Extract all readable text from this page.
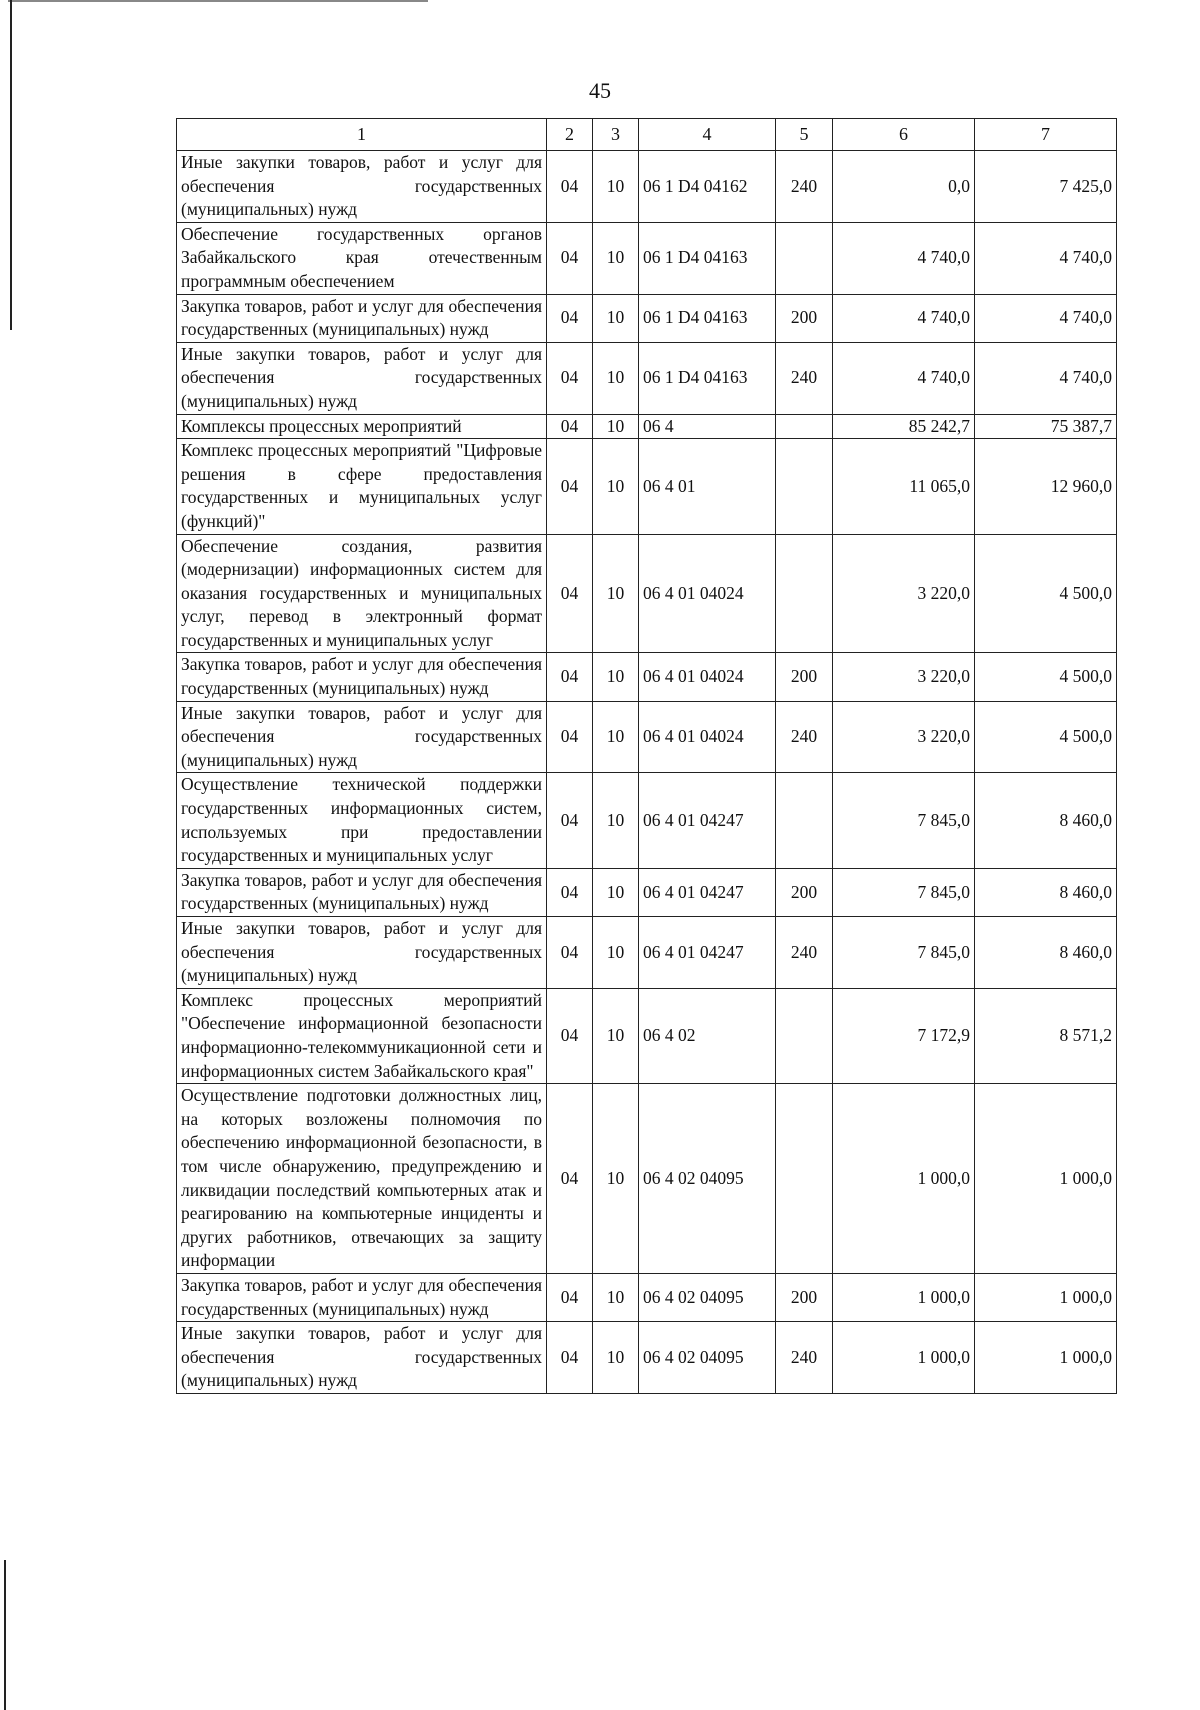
45
1	2	3	4	5	6	7
Иные закупки товаров, работ и услуг для обеспечения государственных (муниципальных) нужд	04	10	06 1 D4 04162	240	0,0	7 425,0
Обеспечение государственных органов Забайкальского края отечественным программным обеспечением	04	10	06 1 D4 04163		4 740,0	4 740,0
Закупка товаров, работ и услуг для обеспечения государственных (муниципальных) нужд	04	10	06 1 D4 04163	200	4 740,0	4 740,0
Иные закупки товаров, работ и услуг для обеспечения государственных (муниципальных) нужд	04	10	06 1 D4 04163	240	4 740,0	4 740,0
Комплексы процессных мероприятий	04	10	06 4		85 242,7	75 387,7
Комплекс процессных мероприятий "Цифровые решения в сфере предоставления государственных и муниципальных услуг (функций)"	04	10	06 4 01		11 065,0	12 960,0
Обеспечение создания, развития (модернизации) информационных систем для оказания государственных и муниципальных услуг, перевод в электронный формат государственных и муниципальных услуг	04	10	06 4 01 04024		3 220,0	4 500,0
Закупка товаров, работ и услуг для обеспечения государственных (муниципальных) нужд	04	10	06 4 01 04024	200	3 220,0	4 500,0
Иные закупки товаров, работ и услуг для обеспечения государственных (муниципальных) нужд	04	10	06 4 01 04024	240	3 220,0	4 500,0
Осуществление технической поддержки государственных информационных систем, используемых при предоставлении государственных и муниципальных услуг	04	10	06 4 01 04247		7 845,0	8 460,0
Закупка товаров, работ и услуг для обеспечения государственных (муниципальных) нужд	04	10	06 4 01 04247	200	7 845,0	8 460,0
Иные закупки товаров, работ и услуг для обеспечения государственных (муниципальных) нужд	04	10	06 4 01 04247	240	7 845,0	8 460,0
Комплекс процессных мероприятий "Обеспечение информационной безопасности информационно-телекоммуникационной сети и информационных систем Забайкальского края"	04	10	06 4 02		7 172,9	8 571,2
Осуществление подготовки должностных лиц, на которых возложены полномочия по обеспечению информационной безопасности, в том числе обнаружению, предупреждению и ликвидации последствий компьютерных атак и реагированию на компьютерные инциденты и других работников, отвечающих за защиту информации	04	10	06 4 02 04095		1 000,0	1 000,0
Закупка товаров, работ и услуг для обеспечения государственных (муниципальных) нужд	04	10	06 4 02 04095	200	1 000,0	1 000,0
Иные закупки товаров, работ и услуг для обеспечения государственных (муниципальных) нужд	04	10	06 4 02 04095	240	1 000,0	1 000,0
